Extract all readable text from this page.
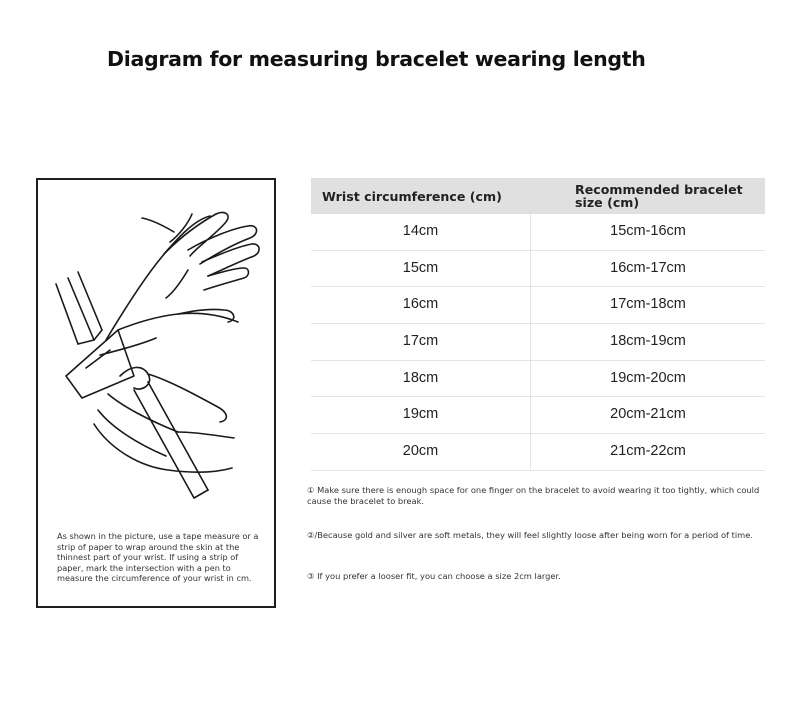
Diagram for measuring bracelet wearing length
As shown in the picture, use a tape measure or a strip of paper to wrap around the skin at the thinnest part of your wrist. If using a strip of paper, mark the intersection with a pen to measure the circumference of your wrist in cm.
Wrist circumference (cm)	Recommended bracelet size (cm)
14cm	15cm-16cm
15cm	16cm-17cm
16cm	17cm-18cm
17cm	18cm-19cm
18cm	19cm-20cm
19cm	20cm-21cm
20cm	21cm-22cm
① Make sure there is enough space for one finger on the bracelet to avoid wearing it too tightly, which could cause the bracelet to break.
②/Because gold and silver are soft metals, they will feel slightly loose after being worn for a period of time.
③ If you prefer a looser fit, you can choose a size 2cm larger.
